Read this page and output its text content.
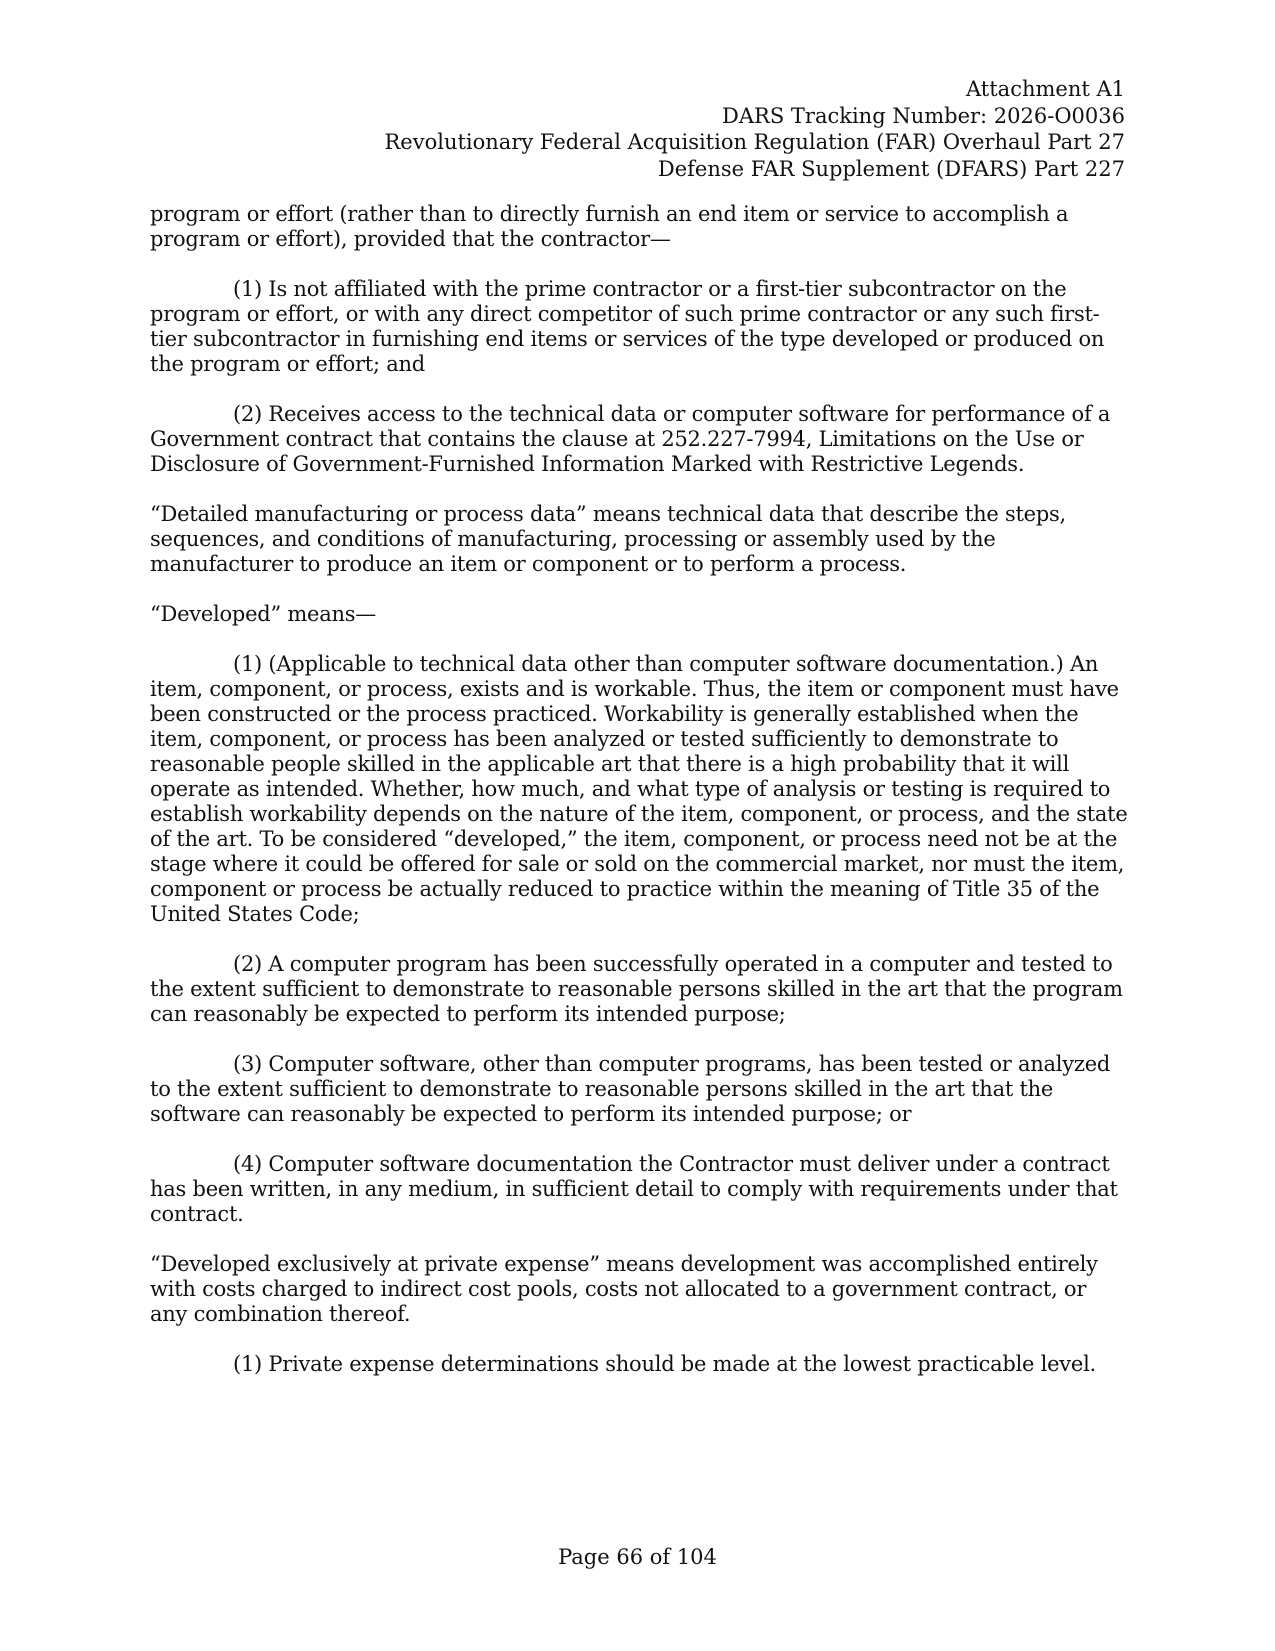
Attachment A1
DARS Tracking Number: 2026-O0036
Revolutionary Federal Acquisition Regulation (FAR) Overhaul Part 27
Defense FAR Supplement (DFARS) Part 227

program or effort (rather than to directly furnish an end item or service to accomplish a program or effort), provided that the contractor—

(1) Is not affiliated with the prime contractor or a first-tier subcontractor on the program or effort, or with any direct competitor of such prime contractor or any such first-tier subcontractor in furnishing end items or services of the type developed or produced on the program or effort; and

(2) Receives access to the technical data or computer software for performance of a Government contract that contains the clause at 252.227-7994, Limitations on the Use or Disclosure of Government-Furnished Information Marked with Restrictive Legends.

“Detailed manufacturing or process data” means technical data that describe the steps, sequences, and conditions of manufacturing, processing or assembly used by the manufacturer to produce an item or component or to perform a process.

“Developed” means—

(1) (Applicable to technical data other than computer software documentation.) An item, component, or process, exists and is workable. Thus, the item or component must have been constructed or the process practiced. Workability is generally established when the item, component, or process has been analyzed or tested sufficiently to demonstrate to reasonable people skilled in the applicable art that there is a high probability that it will operate as intended. Whether, how much, and what type of analysis or testing is required to establish workability depends on the nature of the item, component, or process, and the state of the art. To be considered “developed,” the item, component, or process need not be at the stage where it could be offered for sale or sold on the commercial market, nor must the item, component or process be actually reduced to practice within the meaning of Title 35 of the United States Code;

(2) A computer program has been successfully operated in a computer and tested to the extent sufficient to demonstrate to reasonable persons skilled in the art that the program can reasonably be expected to perform its intended purpose;

(3) Computer software, other than computer programs, has been tested or analyzed to the extent sufficient to demonstrate to reasonable persons skilled in the art that the software can reasonably be expected to perform its intended purpose; or

(4) Computer software documentation the Contractor must deliver under a contract has been written, in any medium, in sufficient detail to comply with requirements under that contract.

“Developed exclusively at private expense” means development was accomplished entirely with costs charged to indirect cost pools, costs not allocated to a government contract, or any combination thereof.

(1) Private expense determinations should be made at the lowest practicable level.

Page 66 of 104
